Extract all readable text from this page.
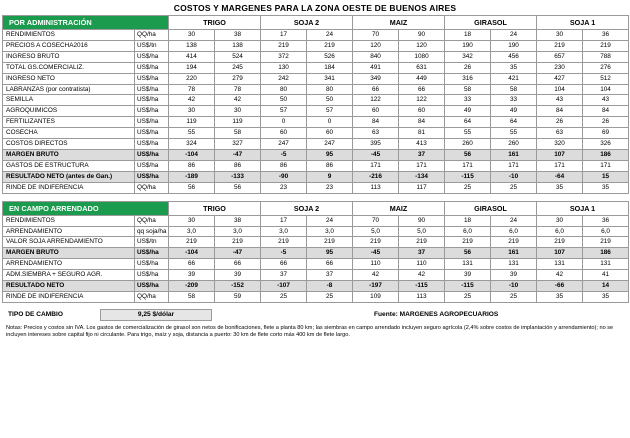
COSTOS Y MARGENES PARA LA ZONA OESTE DE BUENOS AIRES
POR ADMINISTRACIÓN		TRIGO		SOJA 2		MAIZ		GIRASOL		SOJA 1	
RENDIMIENTOS	QQ/ha	30	38	17	24	70	90	18	24	30	36
PRECIOS A COSECHA2016	US$/tn	138	138	219	219	120	120	190	190	219	219
INGRESO BRUTO	US$/ha	414	524	372	526	840	1080	342	456	657	788
TOTAL GS.COMERCIALIZ.	US$/ha	194	245	130	184	491	631	26	35	230	276
INGRESO NETO	US$/ha	220	279	242	341	349	449	316	421	427	512
LABRANZAS (por contratista)	US$/ha	78	78	80	80	66	66	58	58	104	104
SEMILLA	US$/ha	42	42	50	50	122	122	33	33	43	43
AGROQUIMICOS	US$/ha	30	30	57	57	60	60	49	49	84	84
FERTILIZANTES	US$/ha	119	119	0	0	84	84	64	64	26	26
COSECHA	US$/ha	55	58	60	60	63	81	55	55	63	69
COSTOS DIRECTOS	US$/ha	324	327	247	247	395	413	260	260	320	326
MARGEN BRUTO	US$/ha	-104	-47	-5	95	-45	37	56	161	107	186
GASTOS DE ESTRUCTURA	US$/ha	86	86	86	86	171	171	171	171	171	171
RESULTADO NETO (antes de Gan.)	US$/ha	-189	-133	-90	9	-216	-134	-115	-10	-64	15
RINDE DE INDIFERENCIA	QQ/ha	56	56	23	23	113	117	25	25	35	35
EN CAMPO ARRENDADO		TRIGO		SOJA 2		MAIZ		GIRASOL		SOJA 1	
RENDIMIENTOS	QQ/ha	30	38	17	24	70	90	18	24	30	36
ARRENDAMIENTO	qq soja/ha	3,0	3,0	3,0	3,0	5,0	5,0	6,0	6,0	6,0	6,0
VALOR SOJA ARRENDAMIENTO	US$/tn	219	219	219	219	219	219	219	219	219	219
MARGEN BRUTO	US$/ha	-104	-47	-5	95	-45	37	56	161	107	186
ARRENDAMIENTO	US$/ha	66	66	66	66	110	110	131	131	131	131
ADM.SIEMBRA + SEGURO AGR.	US$/ha	39	39	37	37	42	42	39	39	42	41
RESULTADO NETO	US$/ha	-209	-152	-107	-8	-197	-115	-115	-10	-66	14
RINDE DE INDIFERENCIA	QQ/ha	58	59	25	25	109	113	25	25	35	35
TIPO DE CAMBIO	9,25 $/dólar	Fuente: MARGENES AGROPECUARIOS
Notas: Precios y costos sin IVA. Los gastos de comercialización de girasol son netos de bonificaciones, flete a planta 80 km; las siembras en campo arrendado incluyen seguro agrícola (2,4% sobre costos de implantación y arrendamiento); no se incluyen intereses sobre capital fijo ni circulante. Para trigo, maíz y soja, distancia a puerto: 30 km de flete corto más 400 km de flete largo.
